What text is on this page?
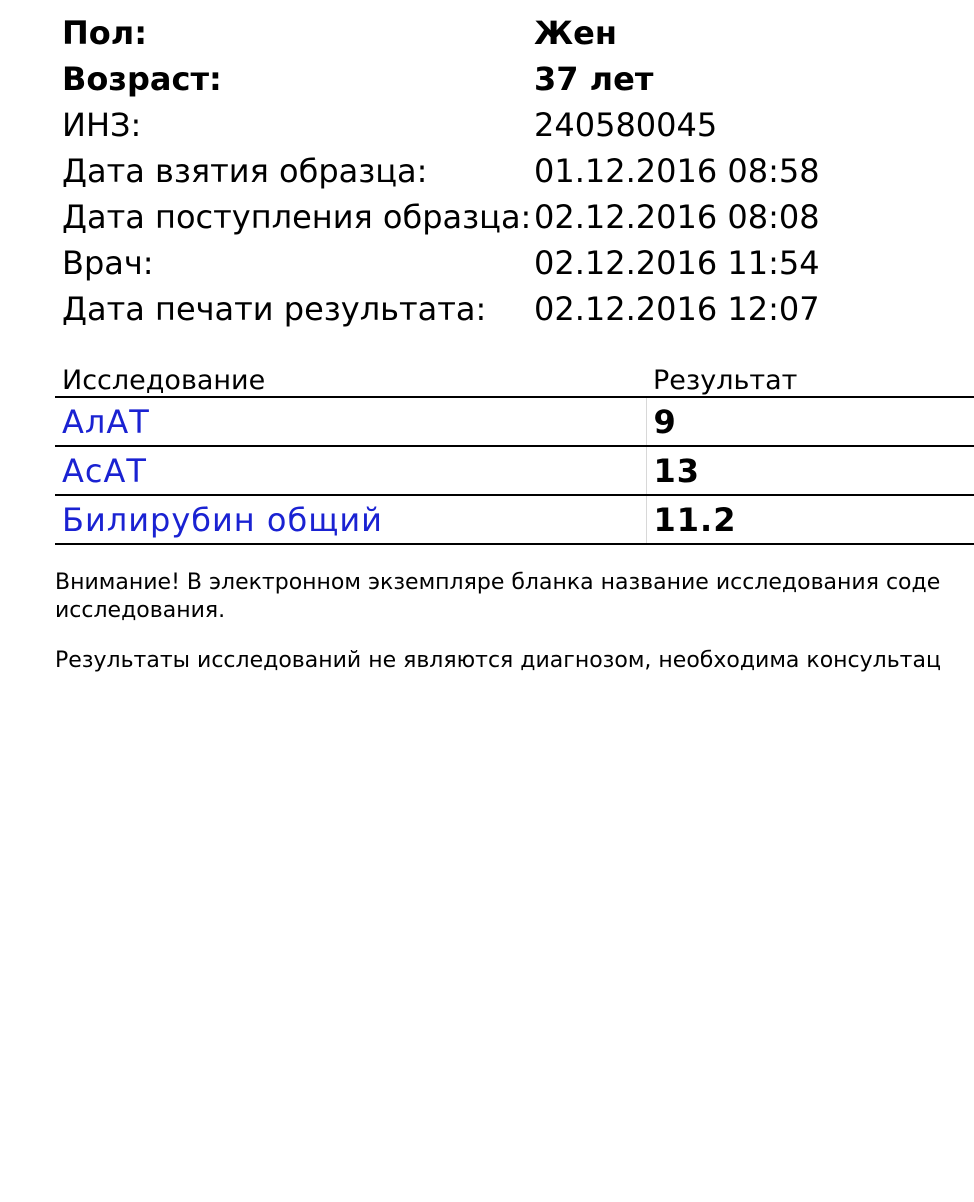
Пол:	Жен
Возраст:	37 лет
ИНЗ:	240580045
Дата взятия образца:	01.12.2016 08:58
Дата поступления образца: 02.12.2016 08:08
Врач:	02.12.2016 11:54
Дата печати результата: 02.12.2016 12:07
Исследование	Результат
АлАТ	9
АсАТ	13
Билирубин общий	11.2
Внимание! В электронном экземпляре бланка название исследования соде
исследования.
Результаты исследований не являются диагнозом, необходима консультац
